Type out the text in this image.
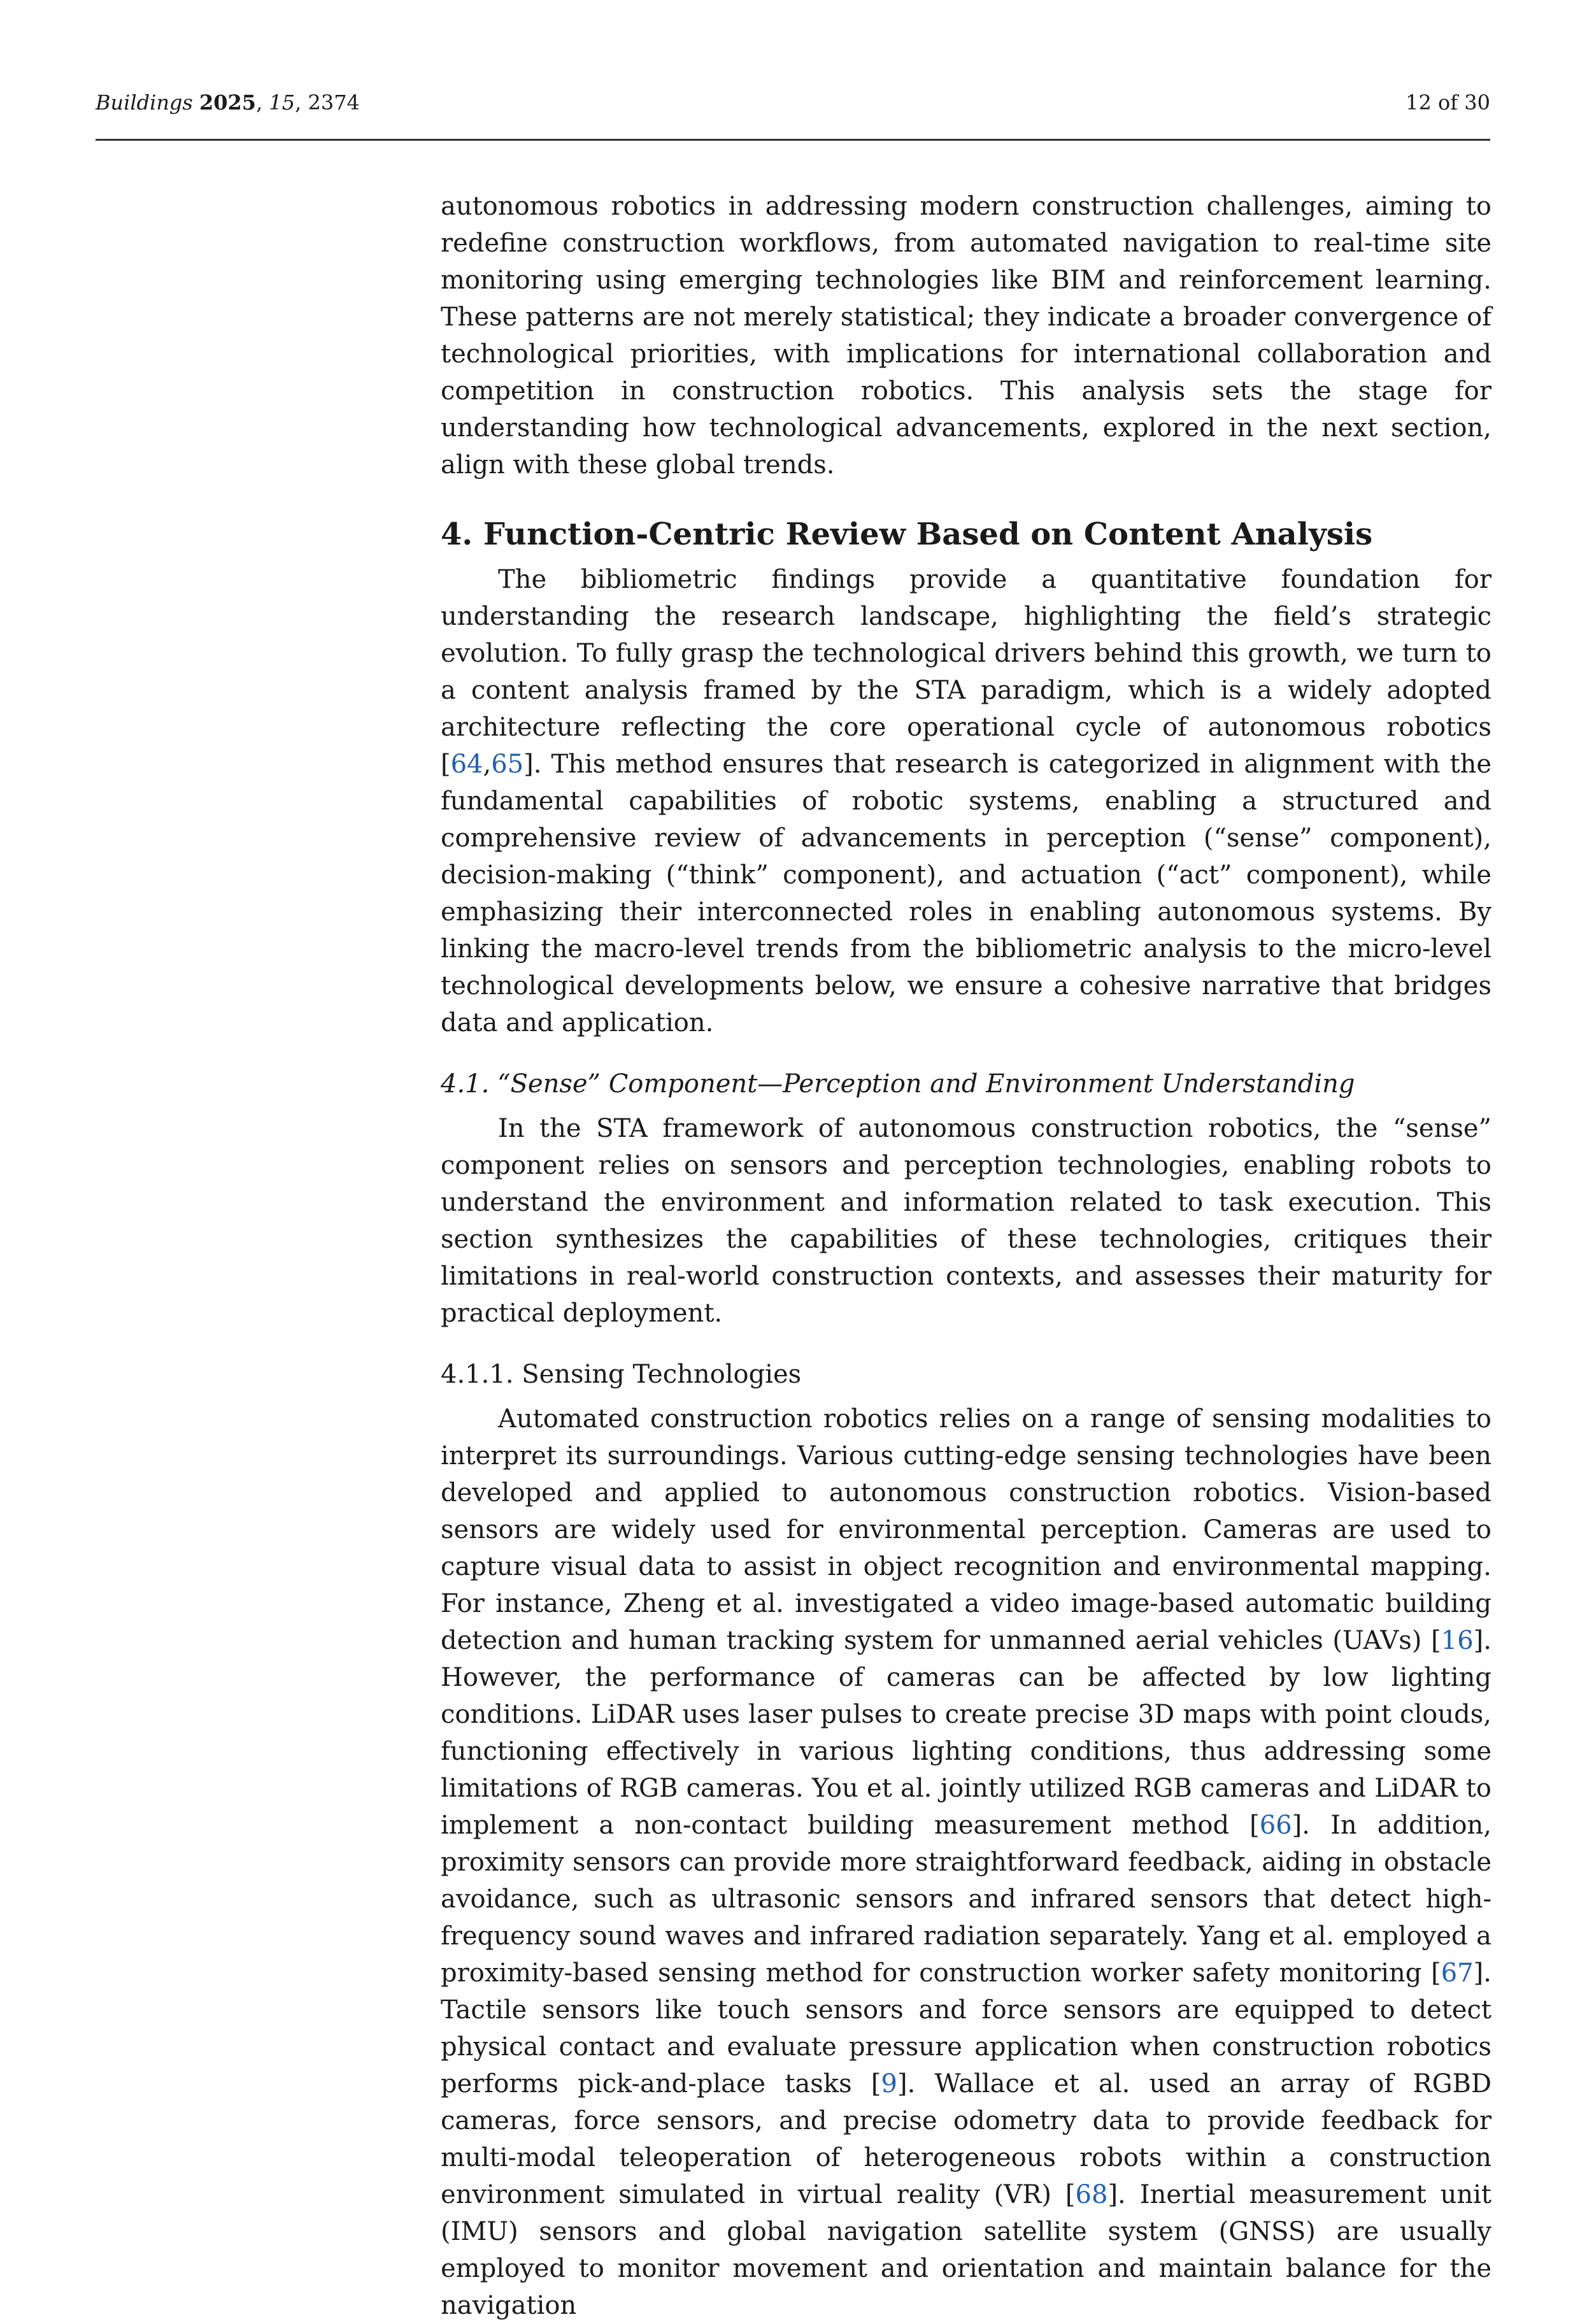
Buildings 2025, 15, 2374	12 of 30

autonomous robotics in addressing modern construction challenges, aiming to redefine construction workflows, from automated navigation to real-time site monitoring using emerging technologies like BIM and reinforcement learning. These patterns are not merely statistical; they indicate a broader convergence of technological priorities, with implications for international collaboration and competition in construction robotics. This analysis sets the stage for understanding how technological advancements, explored in the next section, align with these global trends.

4. Function-Centric Review Based on Content Analysis

The bibliometric findings provide a quantitative foundation for understanding the research landscape, highlighting the field’s strategic evolution. To fully grasp the technological drivers behind this growth, we turn to a content analysis framed by the STA paradigm, which is a widely adopted architecture reflecting the core operational cycle of autonomous robotics [64,65]. This method ensures that research is categorized in alignment with the fundamental capabilities of robotic systems, enabling a structured and comprehensive review of advancements in perception (“sense” component), decision-making (“think” component), and actuation (“act” component), while emphasizing their interconnected roles in enabling autonomous systems. By linking the macro-level trends from the bibliometric analysis to the micro-level technological developments below, we ensure a cohesive narrative that bridges data and application.

4.1. “Sense” Component—Perception and Environment Understanding

In the STA framework of autonomous construction robotics, the “sense” component relies on sensors and perception technologies, enabling robots to understand the environment and information related to task execution. This section synthesizes the capabilities of these technologies, critiques their limitations in real-world construction contexts, and assesses their maturity for practical deployment.

4.1.1. Sensing Technologies

Automated construction robotics relies on a range of sensing modalities to interpret its surroundings. Various cutting-edge sensing technologies have been developed and applied to autonomous construction robotics. Vision-based sensors are widely used for environmental perception. Cameras are used to capture visual data to assist in object recognition and environmental mapping. For instance, Zheng et al. investigated a video image-based automatic building detection and human tracking system for unmanned aerial vehicles (UAVs) [16]. However, the performance of cameras can be affected by low lighting conditions. LiDAR uses laser pulses to create precise 3D maps with point clouds, functioning effectively in various lighting conditions, thus addressing some limitations of RGB cameras. You et al. jointly utilized RGB cameras and LiDAR to implement a non-contact building measurement method [66]. In addition, proximity sensors can provide more straightforward feedback, aiding in obstacle avoidance, such as ultrasonic sensors and infrared sensors that detect high-frequency sound waves and infrared radiation separately. Yang et al. employed a proximity-based sensing method for construction worker safety monitoring [67]. Tactile sensors like touch sensors and force sensors are equipped to detect physical contact and evaluate pressure application when construction robotics performs pick-and-place tasks [9]. Wallace et al. used an array of RGBD cameras, force sensors, and precise odometry data to provide feedback for multi-modal teleoperation of heterogeneous robots within a construction environment simulated in virtual reality (VR) [68]. Inertial measurement unit (IMU) sensors and global navigation satellite system (GNSS) are usually employed to monitor movement and orientation and maintain balance for the navigation
